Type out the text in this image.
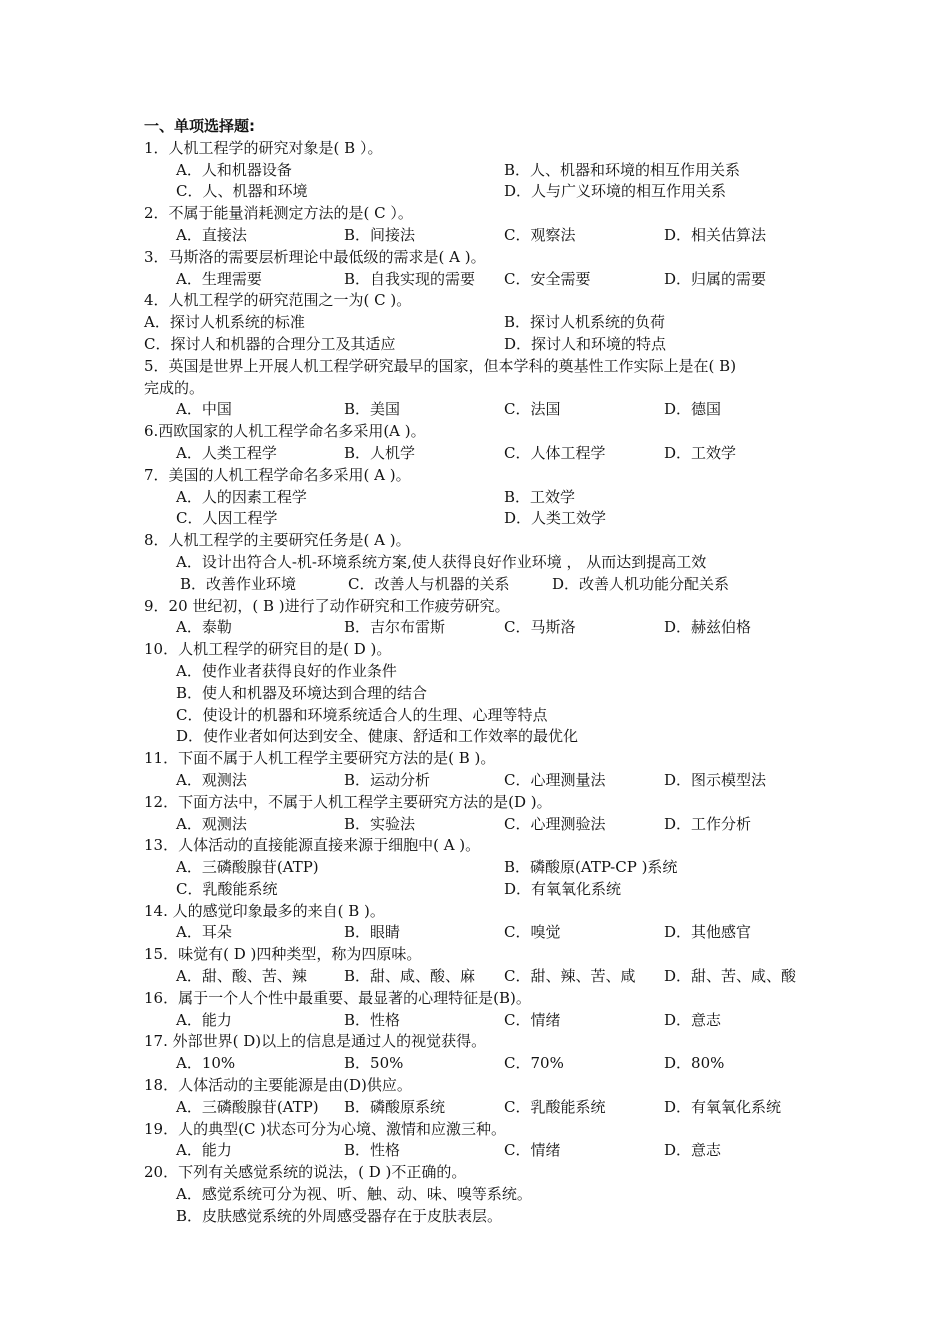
一、单项选择题:
1．人机工程学的研究对象是( B ）。
A．人和机器设备	B．人、机器和环境的相互作用关系
C．人、机器和环境	D．人与广义环境的相互作用关系
2．不属于能量消耗测定方法的是( C ）。
A．直接法	B．间接法	C．观察法	D．相关估算法
3．马斯洛的需要层析理论中最低级的需求是( A )。
A．生理需要	B．自我实现的需要 C．安全需要	D．归属的需要
4．人机工程学的研究范围之一为( C )。
A．探讨人机系统的标准	B．探讨人机系统的负荷
C．探讨人和机器的合理分工及其适应	D．探讨人和环境的特点
5．英国是世界上开展人机工程学研究最早的国家，但本学科的奠基性工作实际上是在( B)
完成的。
A．中国	B．美国	C．法国	D．德国
6.西欧国家的人机工程学命名多采用(A )。
A．人类工程学	B．人机学	C．人体工程学	D．工效学
7．美国的人机工程学命名多采用( A )。
A．人的因素工程学	B．工效学
C．人因工程学	D．人类工效学
8．人机工程学的主要研究任务是( A )。
A．设计出符合人-机-环境系统方案,使人获得良好作业环境 ， 从而达到提高工效
B．改善作业环境	C．改善人与机器的关系	D．改善人机功能分配关系
9．20 世纪初，( B )进行了动作研究和工作疲劳研究。
A．泰勒	B．吉尔布雷斯	C．马斯洛	D．赫兹伯格
10．人机工程学的研究目的是( D )。
A．使作业者获得良好的作业条件
B．使人和机器及环境达到合理的结合
C．使设计的机器和环境系统适合人的生理、心理等特点
D．使作业者如何达到安全、健康、舒适和工作效率的最优化
11．下面不属于人机工程学主要研究方法的是( B )。
A．观测法	B．运动分析	C．心理测量法	D．图示模型法
12．下面方法中，不属于人机工程学主要研究方法的是(D )。
A．观测法	B．实验法	C．心理测验法	D．工作分析
13．人体活动的直接能源直接来源于细胞中( A )。
A．三磷酸腺苷(ATP)	B．磷酸原(ATP-CP )系统
C．乳酸能系统	D．有氧氧化系统
14. 人的感觉印象最多的来自( B )。
A．耳朵	B．眼睛	C．嗅觉	D．其他感官
15．味觉有( D )四种类型，称为四原味。
A．甜、酸、苦、辣 B．甜、咸、酸、麻 C．甜、辣、苦、咸 D．甜、苦、咸、酸
16．属于一个人个性中最重要、最显著的心理特征是(B)。
A．能力	B．性格	C．情绪	D．意志
17. 外部世界( D)以上的信息是通过人的视觉获得。
A．10%	B．50%	C．70%	D．80%
18．人体活动的主要能源是由(D)供应。
A．三磷酸腺苷(ATP) B．磷酸原系统	C．乳酸能系统	D．有氧氧化系统
19．人的典型(C )状态可分为心境、激情和应激三种。
A．能力	B．性格	C．情绪	D．意志
20．下列有关感觉系统的说法，( D )不正确的。
A．感觉系统可分为视、听、触、动、味、嗅等系统。
B．皮肤感觉系统的外周感受器存在于皮肤表层。
